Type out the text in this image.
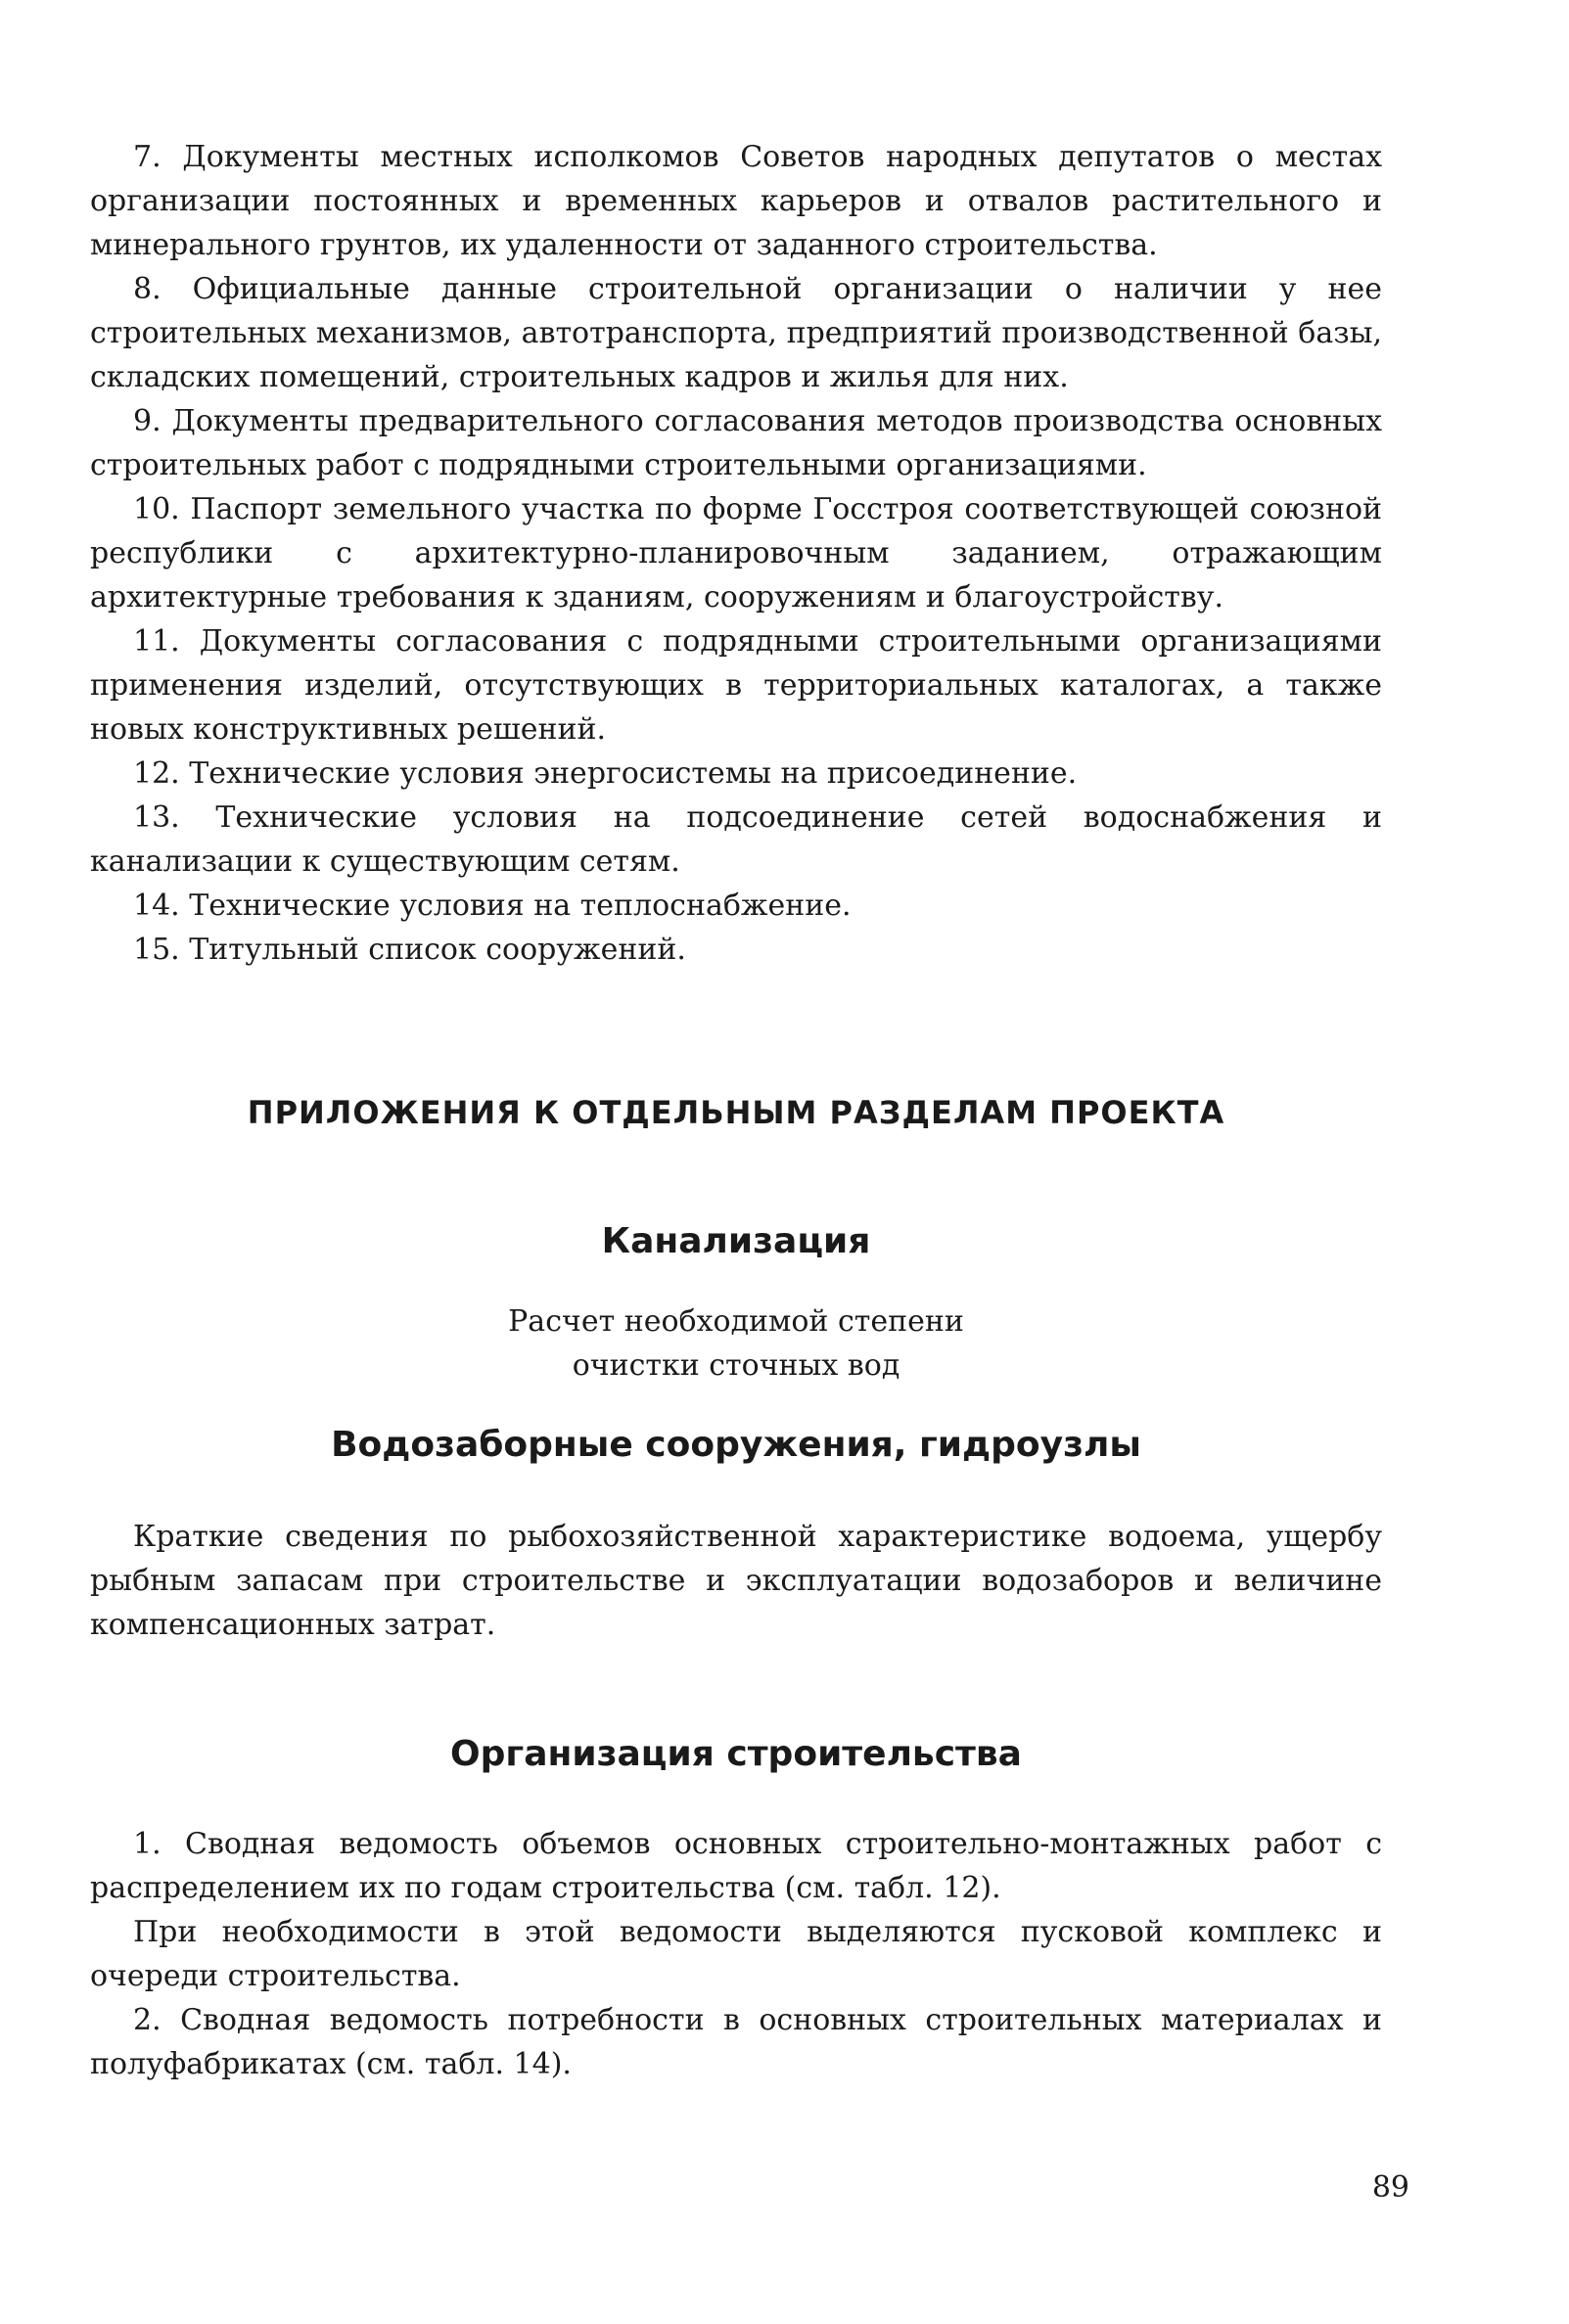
7. Документы местных исполкомов Советов народных депутатов о местах организации постоянных и временных карьеров и отвалов растительного и минерального грунтов, их удаленности от заданного строительства.

8. Официальные данные строительной организации о наличии у нее строительных механизмов, автотранспорта, предприятий производственной базы, складских помещений, строительных кадров и жилья для них.

9. Документы предварительного согласования методов производства основных строительных работ с подрядными строительными организациями.

10. Паспорт земельного участка по форме Госстроя соответствующей союзной республики с архитектурно-планировочным заданием, отражающим архитектурные требования к зданиям, сооружениям и благоустройству.

11. Документы согласования с подрядными строительными организациями применения изделий, отсутствующих в территориальных каталогах, а также новых конструктивных решений.

12. Технические условия энергосистемы на присоединение.

13. Технические условия на подсоединение сетей водоснабжения и канализации к существующим сетям.

14. Технические условия на теплоснабжение.

15. Титульный список сооружений.

ПРИЛОЖЕНИЯ К ОТДЕЛЬНЫМ РАЗДЕЛАМ ПРОЕКТА
Канализация

Расчет необходимой степени

очистки сточных вод

Водозаборные сооружения, гидроузлы

Краткие сведения по рыбохозяйственной характеристике водоема, ущербу рыбным запасам при строительстве и эксплуатации водозаборов и величине компенсационных затрат.

Организация строительства

1. Сводная ведомость объемов основных строительно-монтажных работ с распределением их по годам строительства (см. табл. 12).

При необходимости в этой ведомости выделяются пусковой комплекс и очереди строительства.

2. Сводная ведомость потребности в основных строительных материалах и полуфабрикатах (см. табл. 14).

89
